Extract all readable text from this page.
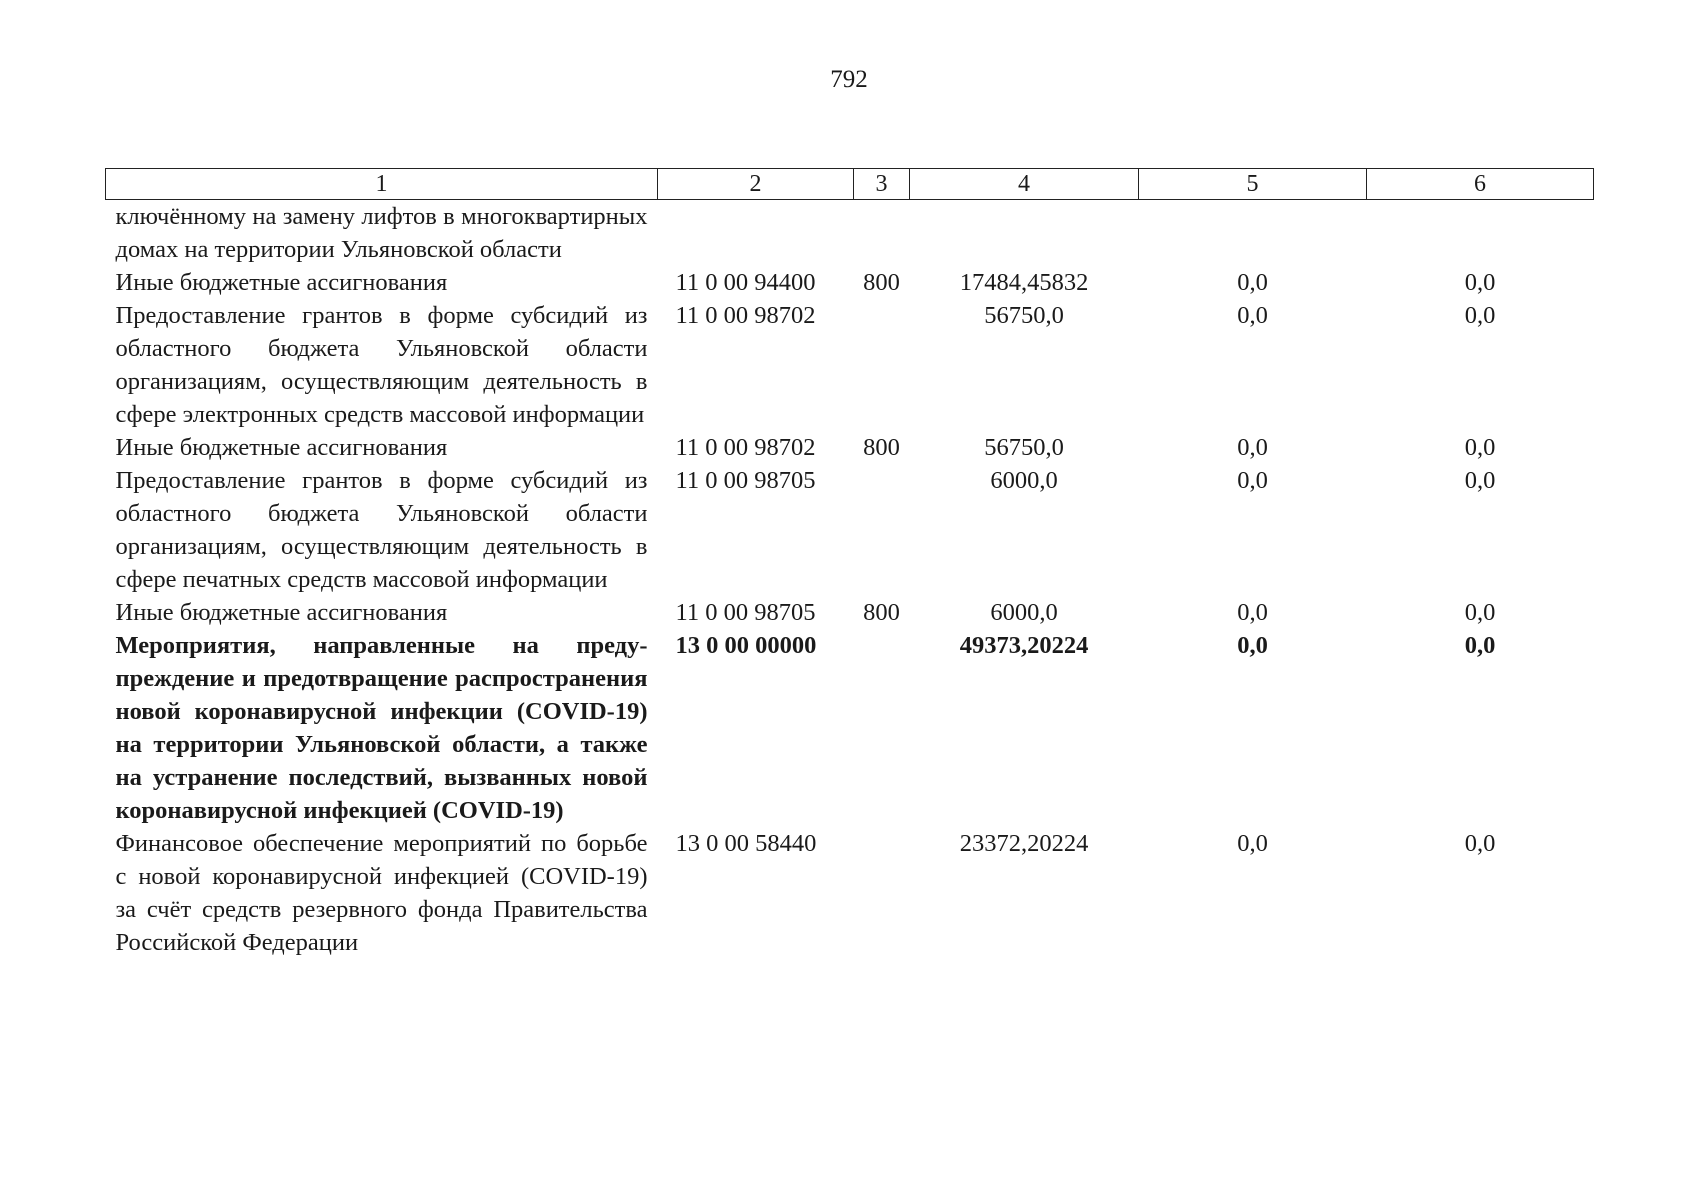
792
1	2	3	4	5	6
ключённому на замену лифтов в многоквартирных домах на территории Ульяновской области					
Иные бюджетные ассигнования	11 0 00 94400	800	17484,45832	0,0	0,0
Предоставление грантов в форме субсидий из областного бюджета Ульяновской области организациям, осуществляющим деятельность в сфере электронных средств массовой информации	11 0 00 98702		56750,0	0,0	0,0
Иные бюджетные ассигнования	11 0 00 98702	800	56750,0	0,0	0,0
Предоставление грантов в форме субсидий из областного бюджета Ульяновской области организациям, осуществляющим деятельность в сфере печатных средств массовой информации	11 0 00 98705		6000,0	0,0	0,0
Иные бюджетные ассигнования	11 0 00 98705	800	6000,0	0,0	0,0
Мероприятия, направленные на предупреждение и предотвращение распространения новой коронавирусной инфекции (COVID-19) на территории Ульяновской области, а также на устранение последствий, вызванных новой коронавирусной инфекцией (COVID-19)	13 0 00 00000		49373,20224	0,0	0,0
Финансовое обеспечение мероприятий по борьбе с новой коронавирусной инфекцией (COVID-19) за счёт средств резервного фонда Правительства Российской Федерации	13 0 00 58440		23372,20224	0,0	0,0
